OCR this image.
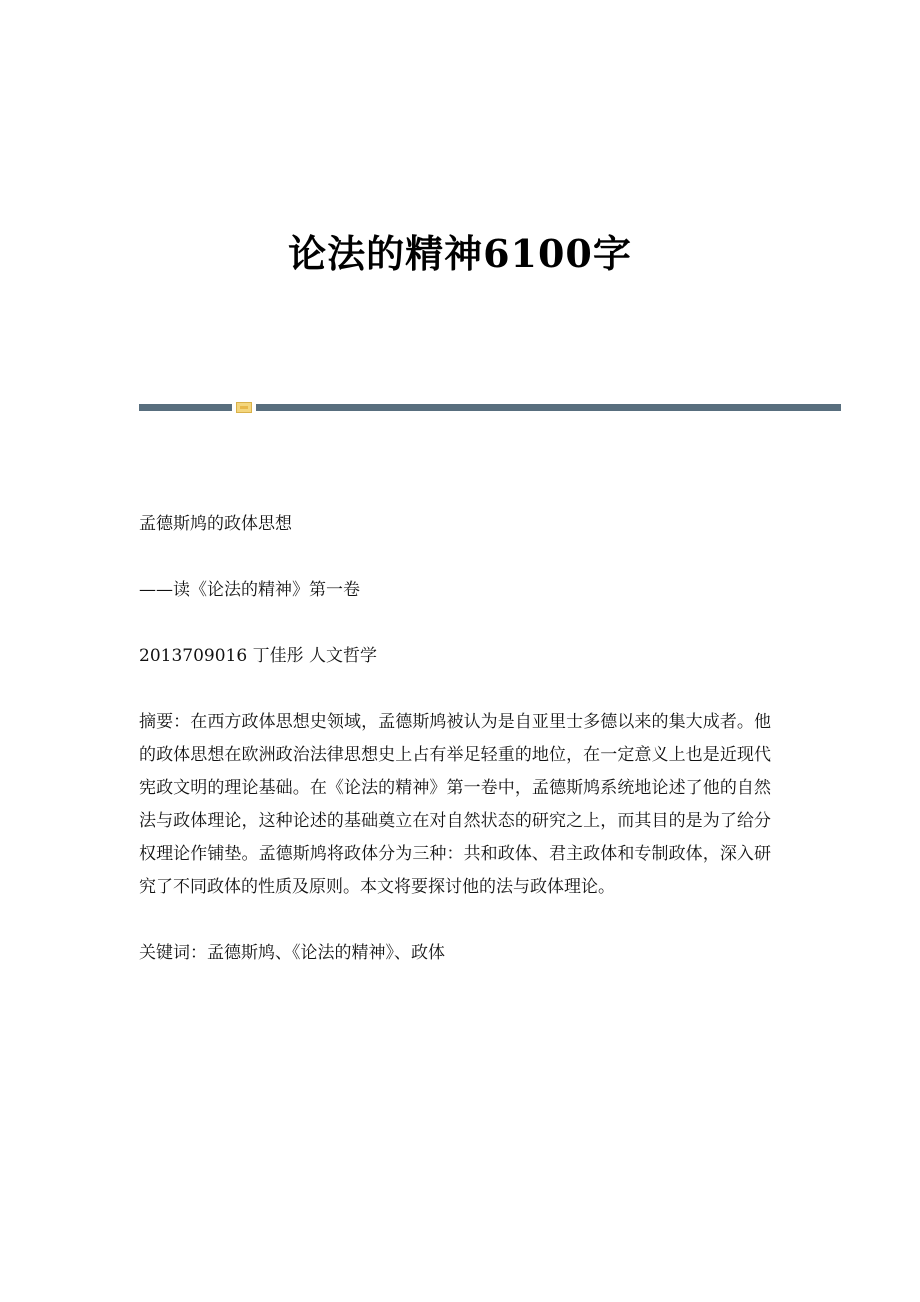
论法的精神6100字

孟德斯鸠的政体思想

——读《论法的精神》第一卷

2013709016 丁佳彤 人文哲学

摘要：在西方政体思想史领域，孟德斯鸠被认为是自亚里士多德以来的集大成者。他的政体思想在欧洲政治法律思想史上占有举足轻重的地位，在一定意义上也是近现代宪政文明的理论基础。在《论法的精神》第一卷中，孟德斯鸠系统地论述了他的自然法与政体理论，这种论述的基础奠立在对自然状态的研究之上，而其目的是为了给分权理论作铺垫。孟德斯鸠将政体分为三种：共和政体、君主政体和专制政体，深入研究了不同政体的性质及原则。本文将要探讨他的法与政体理论。

关键词：孟德斯鸠、《论法的精神》、政体
